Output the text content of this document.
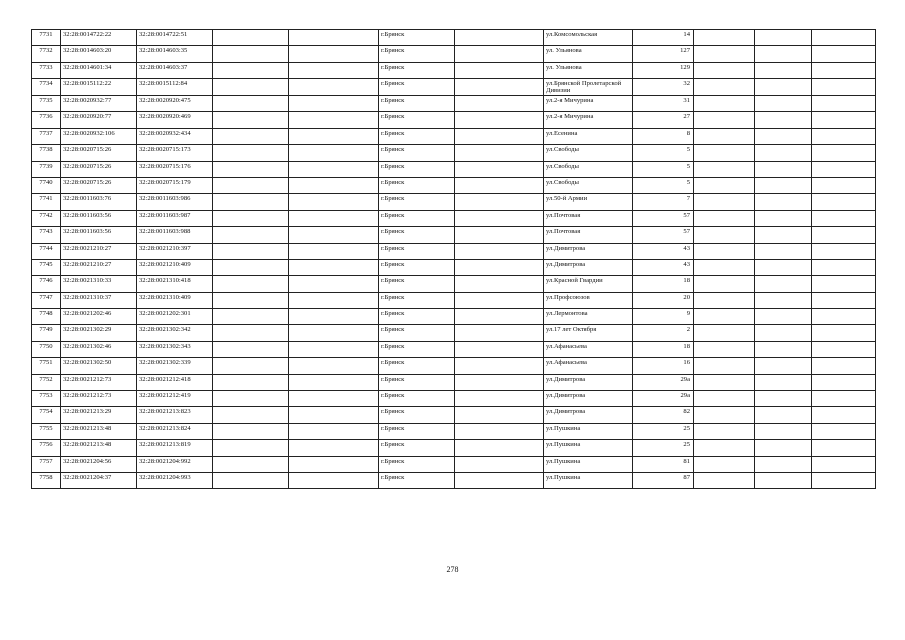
7731	32:28:0014722:22	32:28:0014722:51			г.Брянск		ул.Комсомольская	14			
7732	32:28:0014603:20	32:28:0014603:35			г.Брянск		ул. Ульянова	127			
7733	32:28:0014601:34	32:28:0014603:37			г.Брянск		ул. Ульянова	129			
7734	32:28:0015112:22	32:28:0015112:84			г.Брянск		ул.Брянской Пролетарской Дивизии	32			
7735	32:28:0020932:77	32:28:0020920:475			г.Брянск		ул.2-я Мичурина	31			
7736	32:28:0020920:77	32:28:0020920:469			г.Брянск		ул.2-я Мичурина	27			
7737	32:28:0020932:106	32:28:0020932:434			г.Брянск		ул.Есенина	8			
7738	32:28:0020715:26	32:28:0020715:173			г.Брянск		ул.Свободы	5			
7739	32:28:0020715:26	32:28:0020715:176			г.Брянск		ул.Свободы	5			
7740	32:28:0020715:26	32:28:0020715:179			г.Брянск		ул.Свободы	5			
7741	32:28:0011603:76	32:28:0011603:986			г.Брянск		ул.50-й Армии	7			
7742	32:28:0011603:56	32:28:0011603:987			г.Брянск		ул.Почтовая	57			
7743	32:28:0011603:56	32:28:0011603:988			г.Брянск		ул.Почтовая	57			
7744	32:28:0021210:27	32:28:0021210:397			г.Брянск		ул.Димитрова	43			
7745	32:28:0021210:27	32:28:0021210:409			г.Брянск		ул.Димитрова	43			
7746	32:28:0021310:33	32:28:0021310:418			г.Брянск		ул.Красной Гвардии	18			
7747	32:28:0021310:37	32:28:0021310:409			г.Брянск		ул.Профсоюзов	20			
7748	32:28:0021202:46	32:28:0021202:301			г.Брянск		ул.Лермонтова	9			
7749	32:28:0021302:29	32:28:0021302:342			г.Брянск		ул.17 лет Октября	2			
7750	32:28:0021302:46	32:28:0021302:343			г.Брянск		ул.Афанасьева	18			
7751	32:28:0021302:50	32:28:0021302:339			г.Брянск		ул.Афанасьева	16			
7752	32:28:0021212:73	32:28:0021212:418			г.Брянск		ул.Димитрова	29а			
7753	32:28:0021212:73	32:28:0021212:419			г.Брянск		ул.Димитрова	29а			
7754	32:28:0021213:29	32:28:0021213:823			г.Брянск		ул.Димитрова	82			
7755	32:28:0021213:48	32:28:0021213:824			г.Брянск		ул.Пушкина	25			
7756	32:28:0021213:48	32:28:0021213:819			г.Брянск		ул.Пушкина	25			
7757	32:28:0021204:56	32:28:0021204:992			г.Брянск		ул.Пушкина	81			
7758	32:28:0021204:37	32:28:0021204:993			г.Брянск		ул.Пушкина	87			
278
